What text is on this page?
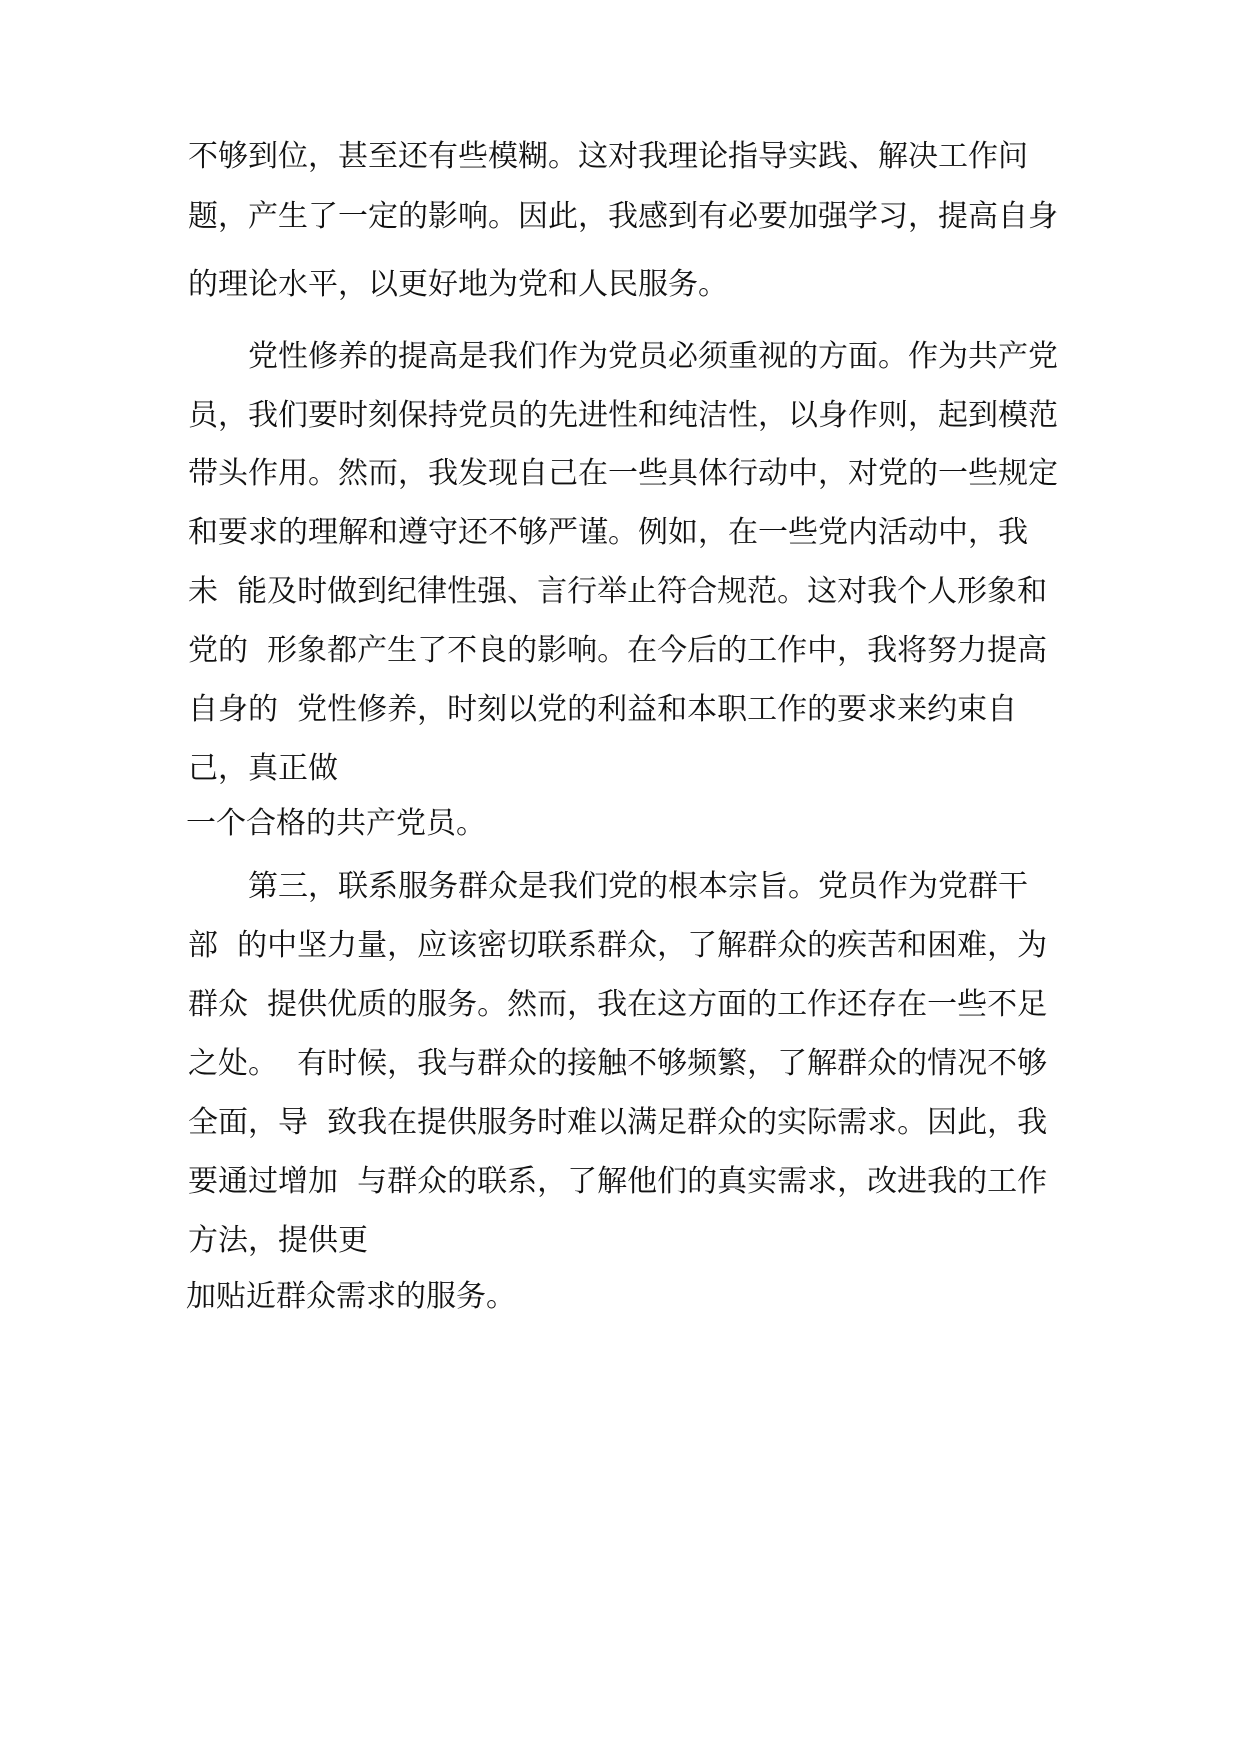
不够到位，甚至还有些模糊。这对我理论指导实践、解决工作问
题，产生了一定的影响。因此，我感到有必要加强学习，提高自身
的理论水平，以更好地为党和人民服务。
党性修养的提高是我们作为党员必须重视的方面。作为共产党
员，我们要时刻保持党员的先进性和纯洁性，以身作则，起到模范
带头作用。然而，我发现自己在一些具体行动中，对党的一些规定
和要求的理解和遵守还不够严谨。例如，在一些党内活动中，我
未  能及时做到纪律性强、言行举止符合规范。这对我个人形象和
党的  形象都产生了不良的影响。在今后的工作中，我将努力提高
自身的  党性修养，时刻以党的利益和本职工作的要求来约束自
己，真正做
一个合格的共产党员。
第三，联系服务群众是我们党的根本宗旨。党员作为党群干
部  的中坚力量，应该密切联系群众，了解群众的疾苦和困难，为
群众  提供优质的服务。然而，我在这方面的工作还存在一些不足
之处。  有时候，我与群众的接触不够频繁，了解群众的情况不够
全面，导  致我在提供服务时难以满足群众的实际需求。因此，我
要通过增加  与群众的联系，了解他们的真实需求，改进我的工作
方法，提供更
加贴近群众需求的服务。
